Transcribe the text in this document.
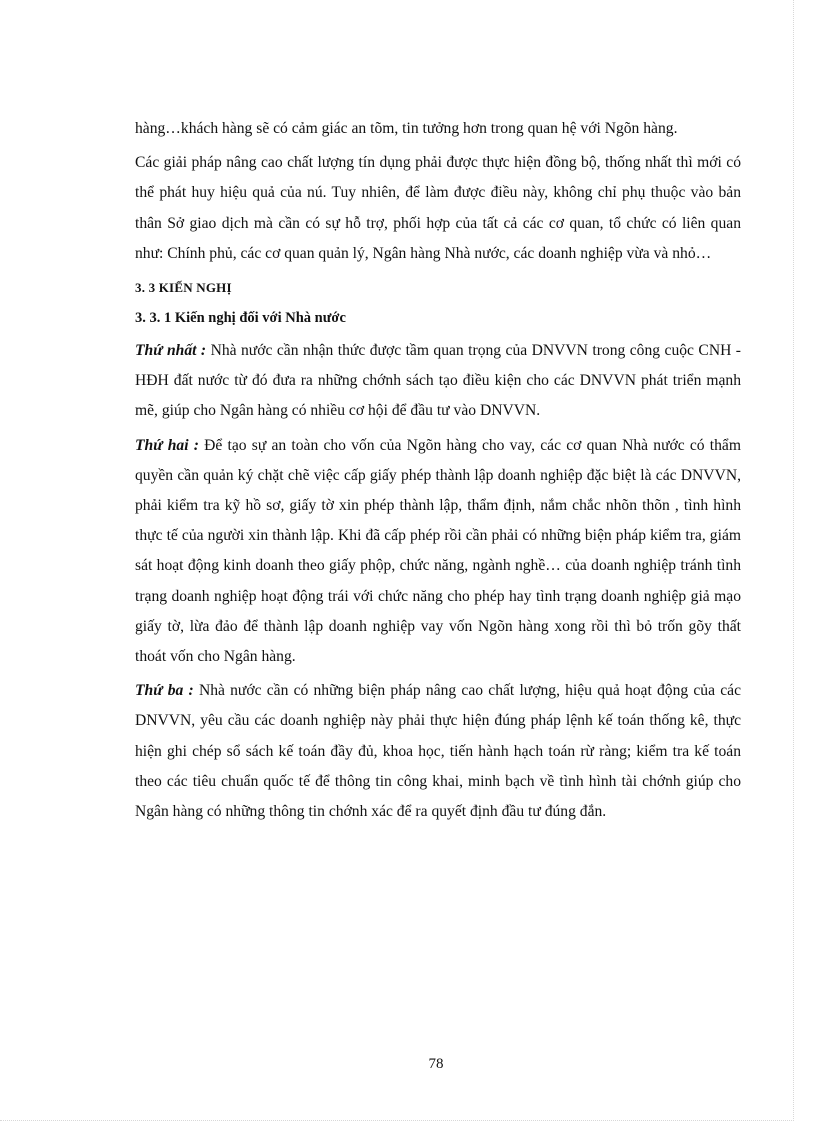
hàng…khách hàng sẽ có cảm giác an tõm, tin tưởng hơn trong quan hệ với Ngõn hàng.

Các giải pháp nâng cao chất lượng tín dụng phải được thực hiện đồng bộ, thống nhất thì mới có thể phát huy hiệu quả của nú. Tuy nhiên, để làm được điều này, không chỉ phụ thuộc vào bản thân Sở giao dịch mà cần có sự hỗ trợ, phối hợp của tất cả các cơ quan, tổ chức có liên quan như: Chính phủ, các cơ quan quản lý, Ngân hàng Nhà nước, các doanh nghiệp vừa và nhỏ…

3. 3 KIẾN NGHỊ
3. 3. 1 Kiến nghị đối với Nhà nước

Thứ nhất : Nhà nước cần nhận thức được tầm quan trọng của DNVVN trong công cuộc CNH - HĐH đất nước từ đó đưa ra những chớnh sách tạo điều kiện cho các DNVVN phát triển mạnh mẽ, giúp cho Ngân hàng có nhiều cơ hội để đầu tư vào DNVVN.

Thứ hai : Để tạo sự an toàn cho vốn của Ngõn hàng cho vay, các cơ quan Nhà nước có thẩm quyền cần quản ký chặt chẽ việc cấp giấy phép thành lập doanh nghiệp đặc biệt là các DNVVN, phải kiểm tra kỹ hồ sơ, giấy tờ xin phép thành lập, thẩm định, nắm chắc nhõn thõn , tình hình thực tế của người xin thành lập. Khi đã cấp phép rồi cần phải có những biện pháp kiểm tra, giám sát hoạt động kinh doanh theo giấy phộp, chức năng, ngành nghề… của doanh nghiệp tránh tình trạng doanh nghiệp hoạt động trái với chức năng cho phép hay tình trạng doanh nghiệp giả mạo giấy tờ, lừa đảo để thành lập doanh nghiệp vay vốn Ngõn hàng xong rồi thì bỏ trốn gõy thất thoát vốn cho Ngân hàng.

Thứ ba : Nhà nước cần có những biện pháp nâng cao chất lượng, hiệu quả hoạt động của các DNVVN, yêu cầu các doanh nghiệp này phải thực hiện đúng pháp lệnh kế toán thống kê, thực hiện ghi chép sổ sách kế toán đầy đủ, khoa học, tiến hành hạch toán rừ ràng; kiểm tra kế toán theo các tiêu chuẩn quốc tế để thông tin công khai, minh bạch về tình hình tài chớnh giúp cho Ngân hàng có những thông tin chớnh xác để ra quyết định đầu tư đúng đắn.

78
